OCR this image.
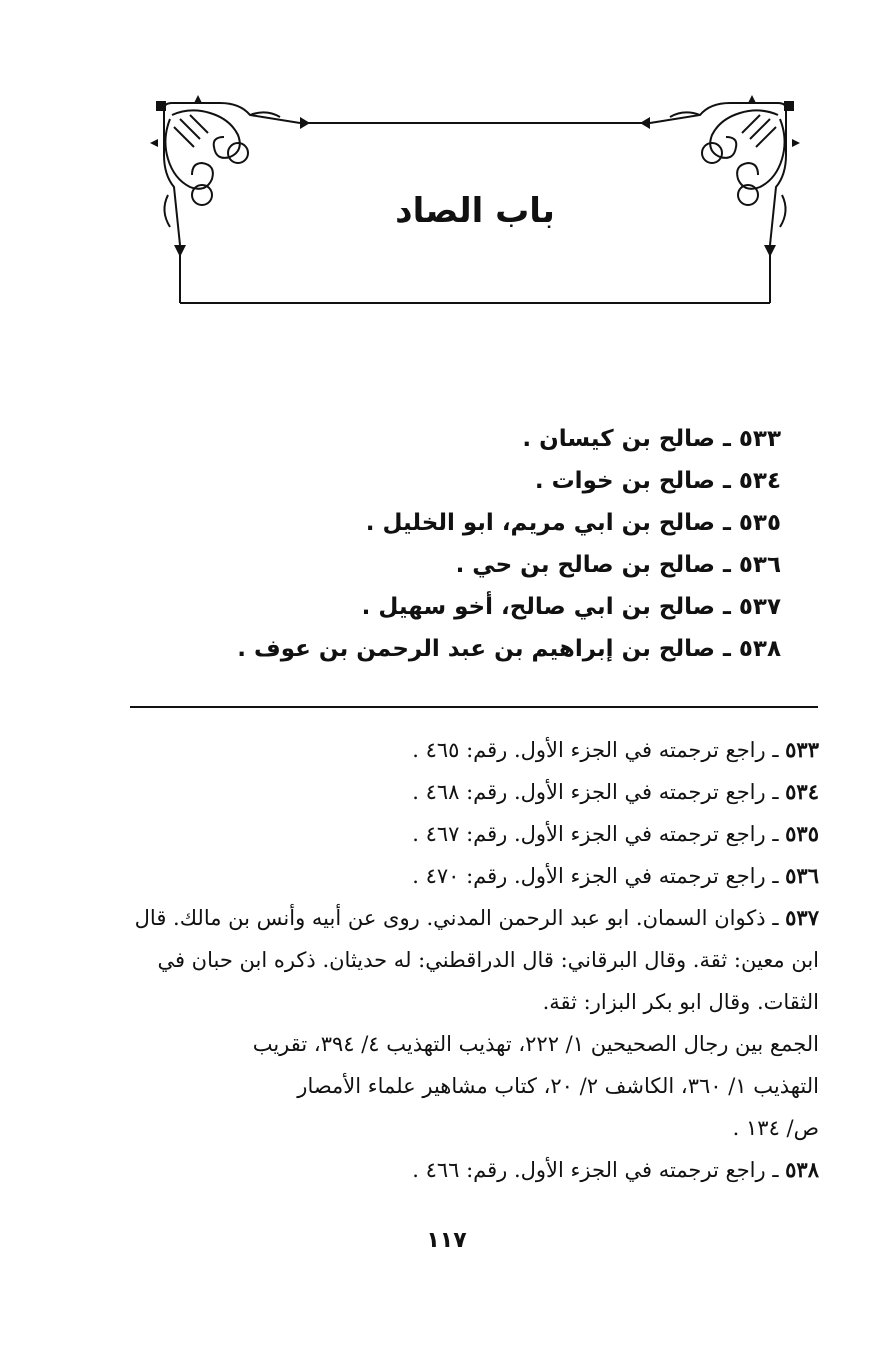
باب الصاد
٥٣٣ ـ صالح بن كيسان .
٥٣٤ ـ صالح بن خوات .
٥٣٥ ـ صالح بن ابي مريم، ابو الخليل .
٥٣٦ ـ صالح بن صالح بن حي .
٥٣٧ ـ صالح بن ابي صالح، أخو سهيل .
٥٣٨ ـ صالح بن إبراهيم بن عبد الرحمن بن عوف .
٥٣٣ ـ راجع ترجمته في الجزء الأول. رقم: ٤٦٥ .
٥٣٤ ـ راجع ترجمته في الجزء الأول. رقم: ٤٦٨ .
٥٣٥ ـ راجع ترجمته في الجزء الأول. رقم: ٤٦٧ .
٥٣٦ ـ راجع ترجمته في الجزء الأول. رقم: ٤٧٠ .
٥٣٧ ـ ذكوان السمان. ابو عبد الرحمن المدني. روى عن أبيه وأنس بن مالك. قال
ابن معين: ثقة. وقال البرقاني: قال الدراقطني: له حديثان. ذكره ابن حبان في
الثقات. وقال ابو بكر البزار: ثقة.
الجمع بين رجال الصحيحين ١/ ٢٢٢، تهذيب التهذيب ٤/ ٣٩٤، تقريب
التهذيب ١/ ٣٦٠، الكاشف ٢/ ٢٠، كتاب مشاهير علماء الأمصار
ص/ ١٣٤ .
٥٣٨ ـ راجع ترجمته في الجزء الأول. رقم: ٤٦٦ .
١١٧
